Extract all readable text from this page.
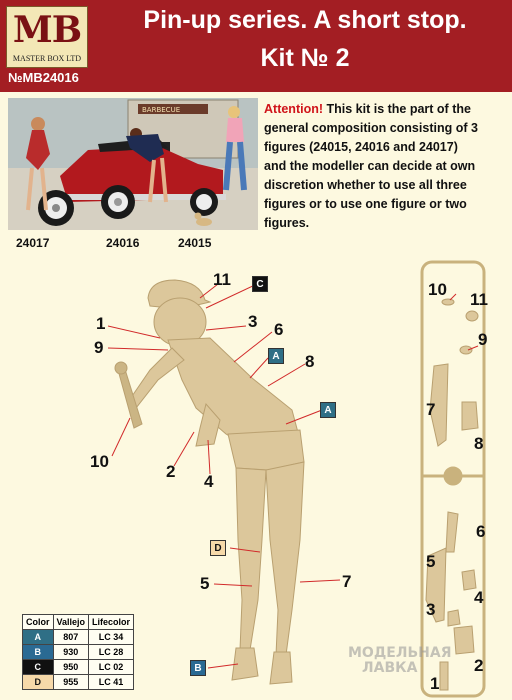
MB
MASTER BOX LTD
№MB24016
Pin-up series. A short stop.
Kit № 2
BARBECUE
24017	24016	24015
Attention! This kit is the part of the
general composition consisting of 3
figures (24015, 24016 and 24017)
and the modeller can decide at own
discretion whether to use all three
figures or to use one figure or two
figures.
11	C
1	3 6
9	A 8
A
10
2
4
D
5	7
B
10
11
9
7
8
6
5
4
3
2
1
Color	Vallejo	Lifecolor
A	807	LC 34
B	930	LC 28
C	950	LC 02
D	955	LC 41
МОДЕЛЬНАЯ
ЛАВКА
